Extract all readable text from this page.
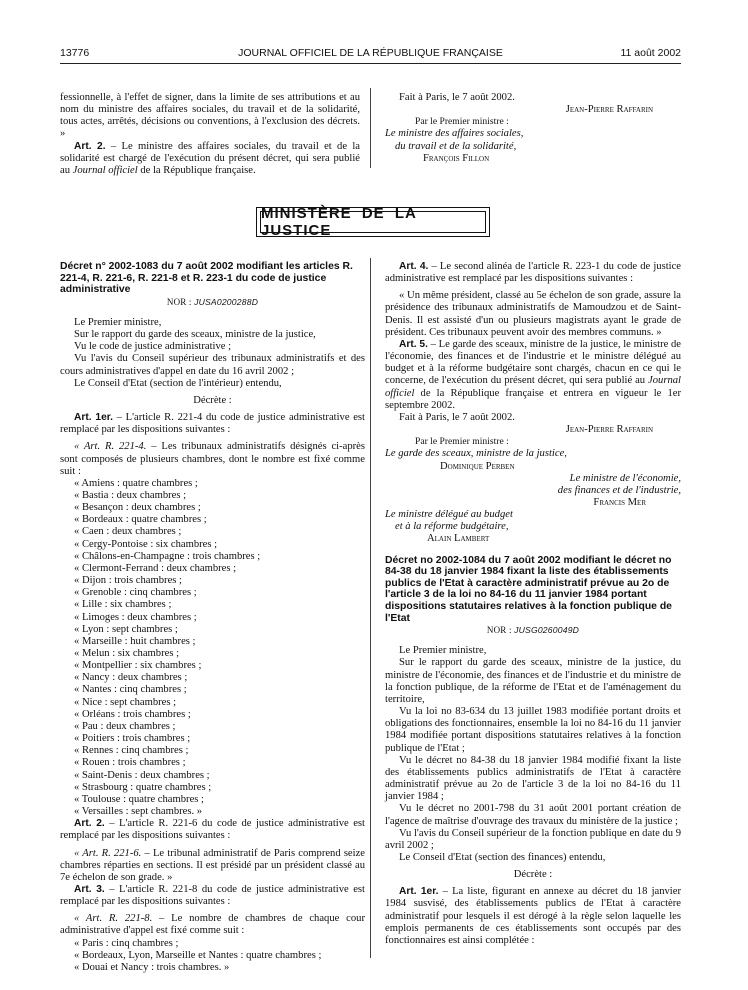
13776	JOURNAL OFFICIEL DE LA RÉPUBLIQUE FRANÇAISE	11 août 2002

fessionnelle, à l'effet de signer, dans la limite de ses attributions et au nom du ministre des affaires sociales, du travail et de la solidarité, tous actes, arrêtés, décisions ou conventions, à l'exclusion des décrets. »

Art. 2. – Le ministre des affaires sociales, du travail et de la solidarité est chargé de l'exécution du présent décret, qui sera publié au Journal officiel de la République française.

Fait à Paris, le 7 août 2002.

Jean-Pierre Raffarin

Par le Premier ministre :

Le ministre des affaires sociales,

du travail et de la solidarité,

François Fillon

MINISTÈRE DE LA JUSTICE

Décret n° 2002-1083 du 7 août 2002 modifiant les articles R. 221-4, R. 221-6, R. 221-8 et R. 223-1 du code de justice administrative

NOR : JUSA0200288D

Le Premier ministre,

Sur le rapport du garde des sceaux, ministre de la justice,

Vu le code de justice administrative ;

Vu l'avis du Conseil supérieur des tribunaux administratifs et des cours administratives d'appel en date du 16 avril 2002 ;

Le Conseil d'Etat (section de l'intérieur) entendu,

Décrète :

Art. 1er. – L'article R. 221-4 du code de justice administrative est remplacé par les dispositions suivantes :

« Art. R. 221-4. – Les tribunaux administratifs désignés ci-après sont composés de plusieurs chambres, dont le nombre est fixé comme suit :

« Amiens : quatre chambres ;

« Bastia : deux chambres ;

« Besançon : deux chambres ;

« Bordeaux : quatre chambres ;

« Caen : deux chambres ;

« Cergy-Pontoise : six chambres ;

« Châlons-en-Champagne : trois chambres ;

« Clermont-Ferrand : deux chambres ;

« Dijon : trois chambres ;

« Grenoble : cinq chambres ;

« Lille : six chambres ;

« Limoges : deux chambres ;

« Lyon : sept chambres ;

« Marseille : huit chambres ;

« Melun : six chambres ;

« Montpellier : six chambres ;

« Nancy : deux chambres ;

« Nantes : cinq chambres ;

« Nice : sept chambres ;

« Orléans : trois chambres ;

« Pau : deux chambres ;

« Poitiers : trois chambres ;

« Rennes : cinq chambres ;

« Rouen : trois chambres ;

« Saint-Denis : deux chambres ;

« Strasbourg : quatre chambres ;

« Toulouse : quatre chambres ;

« Versailles : sept chambres. »

Art. 2. – L'article R. 221-6 du code de justice administrative est remplacé par les dispositions suivantes :

« Art. R. 221-6. – Le tribunal administratif de Paris comprend seize chambres réparties en sections. Il est présidé par un président classé au 7e échelon de son grade. »

Art. 3. – L'article R. 221-8 du code de justice administrative est remplacé par les dispositions suivantes :

« Art. R. 221-8. – Le nombre de chambres de chaque cour administrative d'appel est fixé comme suit :

« Paris : cinq chambres ;

« Bordeaux, Lyon, Marseille et Nantes : quatre chambres ;

« Douai et Nancy : trois chambres. »

Art. 4. – Le second alinéa de l'article R. 223-1 du code de justice administrative est remplacé par les dispositions suivantes :

« Un même président, classé au 5e échelon de son grade, assure la présidence des tribunaux administratifs de Mamoudzou et de Saint-Denis. Il est assisté d'un ou plusieurs magistrats ayant le grade de président. Ces tribunaux peuvent avoir des membres communs. »

Art. 5. – Le garde des sceaux, ministre de la justice, le ministre de l'économie, des finances et de l'industrie et le ministre délégué au budget et à la réforme budgétaire sont chargés, chacun en ce qui le concerne, de l'exécution du présent décret, qui sera publié au Journal officiel de la République française et entrera en vigueur le 1er septembre 2002.

Fait à Paris, le 7 août 2002.

Jean-Pierre Raffarin

Par le Premier ministre :

Le garde des sceaux, ministre de la justice,

Dominique Perben

Le ministre de l'économie,

des finances et de l'industrie,

Francis Mer

Le ministre délégué au budget

et à la réforme budgétaire,

Alain Lambert

Décret no 2002-1084 du 7 août 2002 modifiant le décret no 84-38 du 18 janvier 1984 fixant la liste des établissements publics de l'Etat à caractère administratif prévue au 2o de l'article 3 de la loi no 84-16 du 11 janvier 1984 portant dispositions statutaires relatives à la fonction publique de l'Etat

NOR : JUSG0260049D

Le Premier ministre,

Sur le rapport du garde des sceaux, ministre de la justice, du ministre de l'économie, des finances et de l'industrie et du ministre de la fonction publique, de la réforme de l'Etat et de l'aménagement du territoire,

Vu la loi no 83-634 du 13 juillet 1983 modifiée portant droits et obligations des fonctionnaires, ensemble la loi no 84-16 du 11 janvier 1984 modifiée portant dispositions statutaires relatives à la fonction publique de l'Etat ;

Vu le décret no 84-38 du 18 janvier 1984 modifié fixant la liste des établissements publics administratifs de l'Etat à caractère administratif prévue au 2o de l'article 3 de la loi no 84-16 du 11 janvier 1984 ;

Vu le décret no 2001-798 du 31 août 2001 portant création de l'agence de maîtrise d'ouvrage des travaux du ministère de la justice ;

Vu l'avis du Conseil supérieur de la fonction publique en date du 9 avril 2002 ;

Le Conseil d'Etat (section des finances) entendu,

Décrète :

Art. 1er. – La liste, figurant en annexe au décret du 18 janvier 1984 susvisé, des établissements publics de l'Etat à caractère administratif pour lesquels il est dérogé à la règle selon laquelle les emplois permanents de ces établissements sont occupés par des fonctionnaires est ainsi complétée :
